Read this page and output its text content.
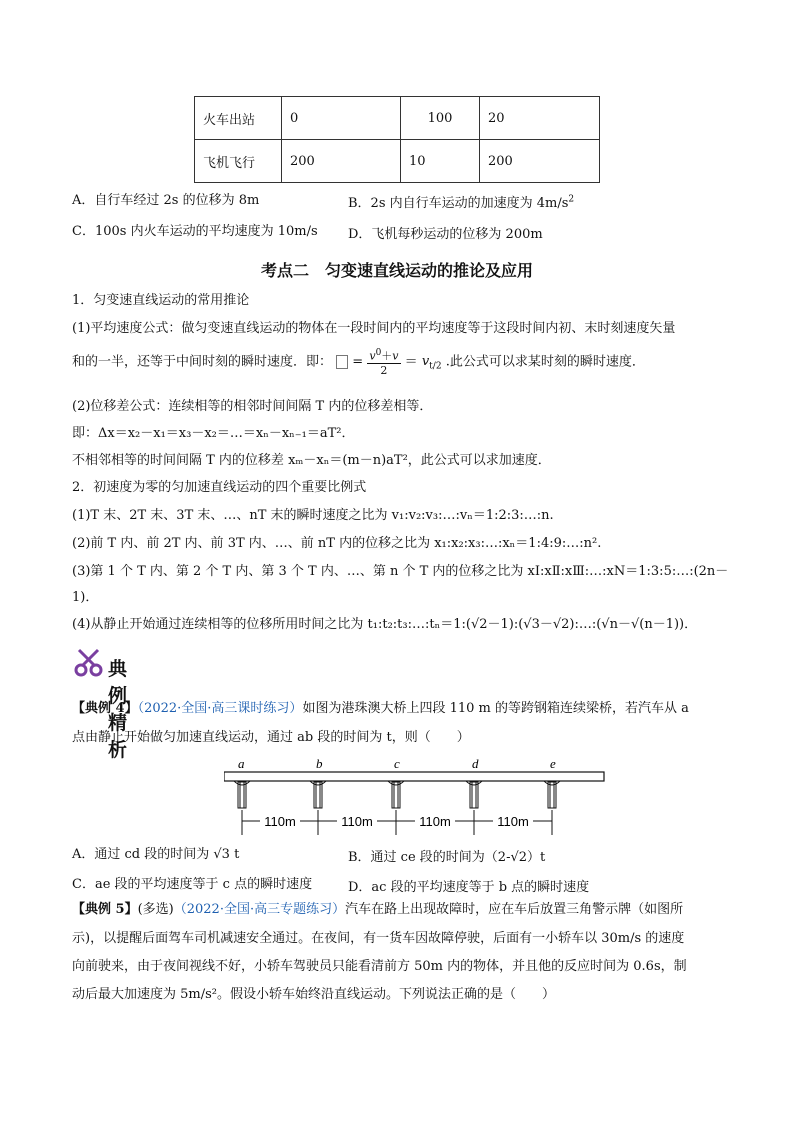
火车出站	0	100	20
飞机飞行	200	10	200
A．自行车经过 2s 的位移为 8m	B．2s 内自行车运动的加速度为 $4m/s^2$
C．100s 内火车运动的平均速度为 10m/s D．飞机每秒运动的位移为 200m
考点二　匀变速直线运动的推论及应用
1．匀变速直线运动的常用推论
(1)平均速度公式：做匀变速直线运动的物体在一段时间内的平均速度等于这段时间内初、末时刻速度矢量
和的一半，还等于中间时刻的瞬时速度．即： = $\frac{v^0+v}{2} = v_{t/2}$ .此公式可以求某时刻的瞬时速度．
(2)位移差公式：连续相等的相邻时间间隔 T 内的位移差相等．
即：Δx＝x₂－x₁＝x₃－x₂＝…＝xₙ－xₙ₋₁＝aT²．
不相邻相等的时间间隔 T 内的位移差 xₘ－xₙ＝(m－n)aT²，此公式可以求加速度．
2．初速度为零的匀加速直线运动的四个重要比例式
(1)T 末、2T 末、3T 末、…、nT 末的瞬时速度之比为 v₁:v₂:v₃:…:vₙ＝1:2:3:…:n.
(2)前 T 内、前 2T 内、前 3T 内、…、前 nT 内的位移之比为 x₁:x₂:x₃:…:xₙ＝1:4:9:…:n².
(3)第 1 个 T 内、第 2 个 T 内、第 3 个 T 内、…、第 n 个 T 内的位移之比为 xⅠ:xⅡ:xⅢ:…:xN＝1:3:5:…:(2n－
1)．
(4)从静止开始通过连续相等的位移所用时间之比为 t₁:t₂:t₃:…:tₙ＝1:(√2－1):(√3－√2):…:(√n－√(n－1))．
典例精析
【典例 4】（2022·全国·高三课时练习）如图为港珠澳大桥上四段 110 m 的等跨钢箱连续梁桥，若汽车从 a
点由静止开始做匀加速直线运动，通过 ab 段的时间为 t，则（　　）
a	b	c	d	e
110m	110m	110m	110m
A．通过 cd 段的时间为 √3 t	B．通过 ce 段的时间为（2-√2）t
C．ae 段的平均速度等于 c 点的瞬时速度	D．ac 段的平均速度等于 b 点的瞬时速度
【典例 5】(多选)（2022·全国·高三专题练习）汽车在路上出现故障时，应在车后放置三角警示牌（如图所
示)，以提醒后面驾车司机减速安全通过。在夜间，有一货车因故障停驶，后面有一小轿车以 30m/s 的速度
向前驶来，由于夜间视线不好，小轿车驾驶员只能看清前方 50m 内的物体，并且他的反应时间为 0.6s，制
动后最大加速度为 5m/s²。假设小轿车始终沿直线运动。下列说法正确的是（　　）
